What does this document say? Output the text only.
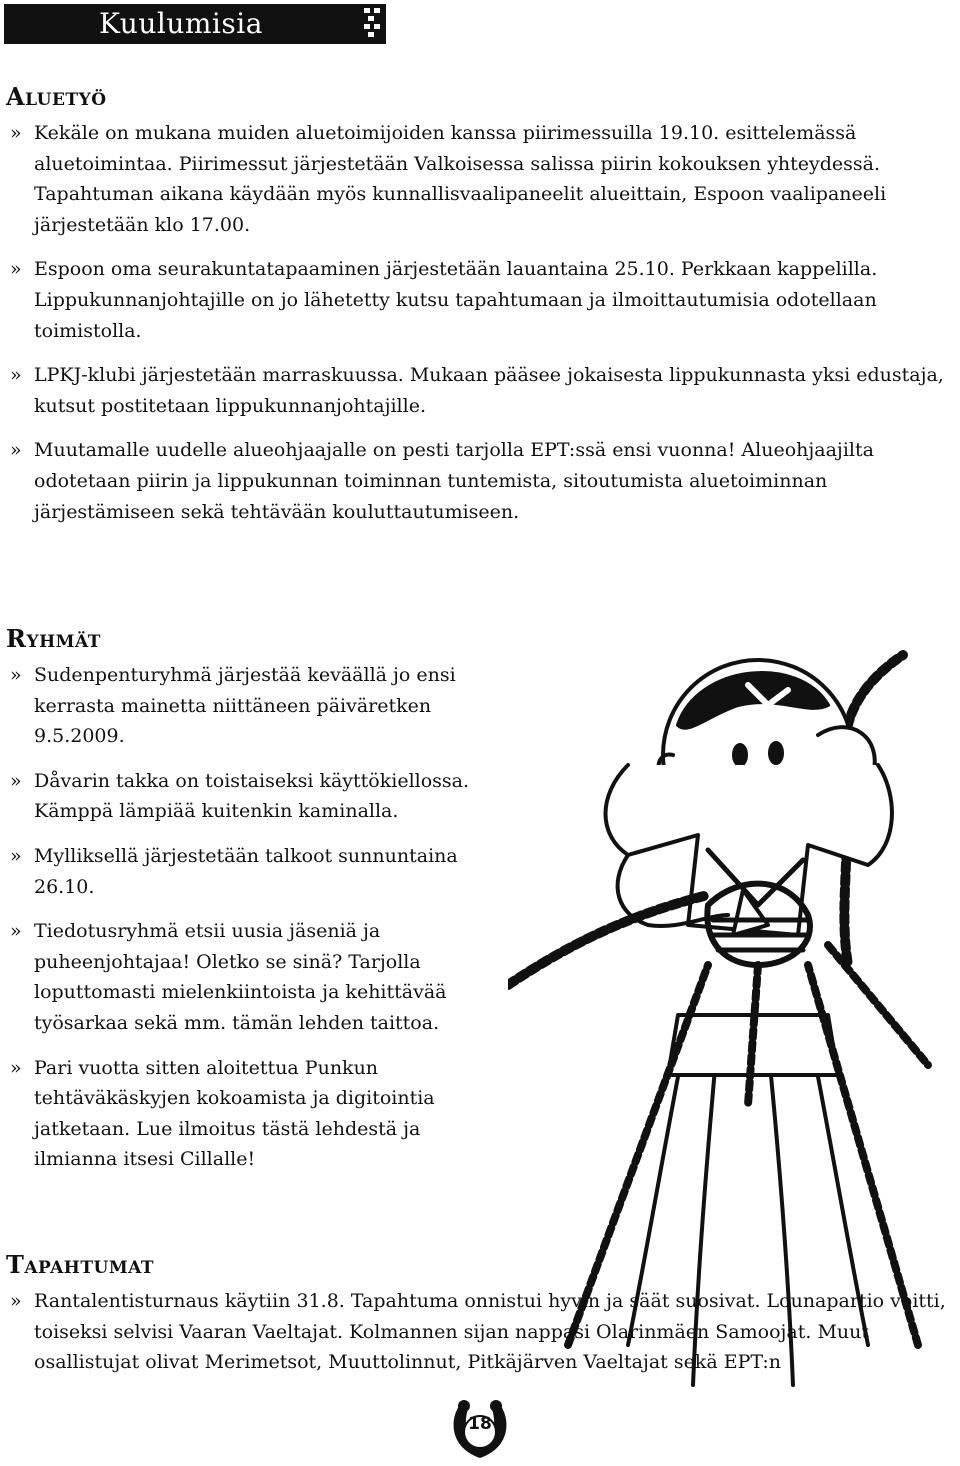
Kuulumisia
Aluetyö
» Kekäle on mukana muiden aluetoimijoiden kanssa piirimessuilla 19.10. esittelemässä aluetoimintaa. Piirimessut järjestetään Valkoisessa salissa piirin kokouksen yhteydessä. Tapahtuman aikana käydään myös kunnallisvaalipaneelit alueittain, Espoon vaalipaneeli järjestetään klo 17.00.
» Espoon oma seurakuntatapaaminen järjestetään lauantaina 25.10. Perkkaan kappelilla. Lippukunnanjohtajille on jo lähetetty kutsu tapahtumaan ja ilmoittautumisia odotellaan toimistolla.
» LPKJ-klubi järjestetään marraskuussa. Mukaan pääsee jokaisesta lippukunnasta yksi edustaja, kutsut postitetaan lippukunnanjohtajille.
» Muutamalle uudelle alueohjaajalle on pesti tarjolla EPT:ssä ensi vuonna! Alueohjaajilta odotetaan piirin ja lippukunnan toiminnan tuntemista, sitoutumista aluetoiminnan järjestämiseen sekä tehtävään kouluttautumiseen.
Ryhmät
» Sudenpenturyhmä järjestää keväällä jo ensi kerrasta mainetta niittäneen päiväretken 9.5.2009.
» Dåvarin takka on toistaiseksi käyttökiellossa. Kämppä lämpiää kuitenkin kaminalla.
» Mylliksellä järjestetään talkoot sunnuntaina 26.10.
» Tiedotusryhmä etsii uusia jäseniä ja puheenjohtajaa! Oletko se sinä? Tarjolla loputtomasti mielenkiintoista ja kehittävää työsarkaa sekä mm. tämän lehden taittoa.
» Pari vuotta sitten aloitettua Punkun tehtäväkäskyjen kokoamista ja digitointia jatketaan. Lue ilmoitus tästä lehdestä ja ilmianna itsesi Cillalle!
Tapahtumat
» Rantalentisturnaus käytiin 31.8. Tapahtuma onnistui hyvin ja säät suosivat. Lounapartio voitti, toiseksi selvisi Vaaran Vaeltajat. Kolmannen sijan nappasi Olarinmäen Samoojat. Muut osallistujat olivat Merimetsot, Muuttolinnut, Pitkäjärven Vaeltajat sekä EPT:n
18
